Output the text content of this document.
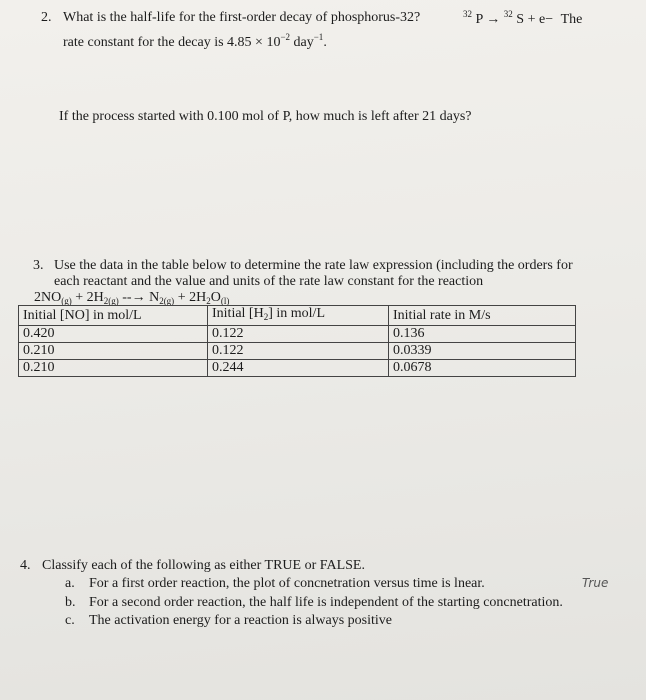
2. What is the half-life for the first-order decay of phosphorus-32?	$^{32}$ P → $^{32}$ S + e− The
rate constant for the decay is $4.85 \times 10^{-2}$ day$^{-1}$.
If the process started with 0.100 mol of P, how much is left after 21 days?
3. Use the data in the table below to determine the rate law expression (including the orders for
each reactant and the value and units of the rate law constant for the reaction
$2NO_{(g)} + 2H_{2(g)}$ --→ $N_{2(g)} + 2H_2O_{(l)}$
Initial [NO] in mol/L	Initial $[H_2]$ in mol/L	Initial rate in M/s
0.420	0.122	0.136
0.210	0.122	0.0339
0.210	0.244	0.0678
4. Classify each of the following as either TRUE or FALSE.
a. For a first order reaction, the plot of concnetration versus time is lnear.	True
b. For a second order reaction, the half life is independent of the starting concnetration.
c. The activation energy for a reaction is always positive
